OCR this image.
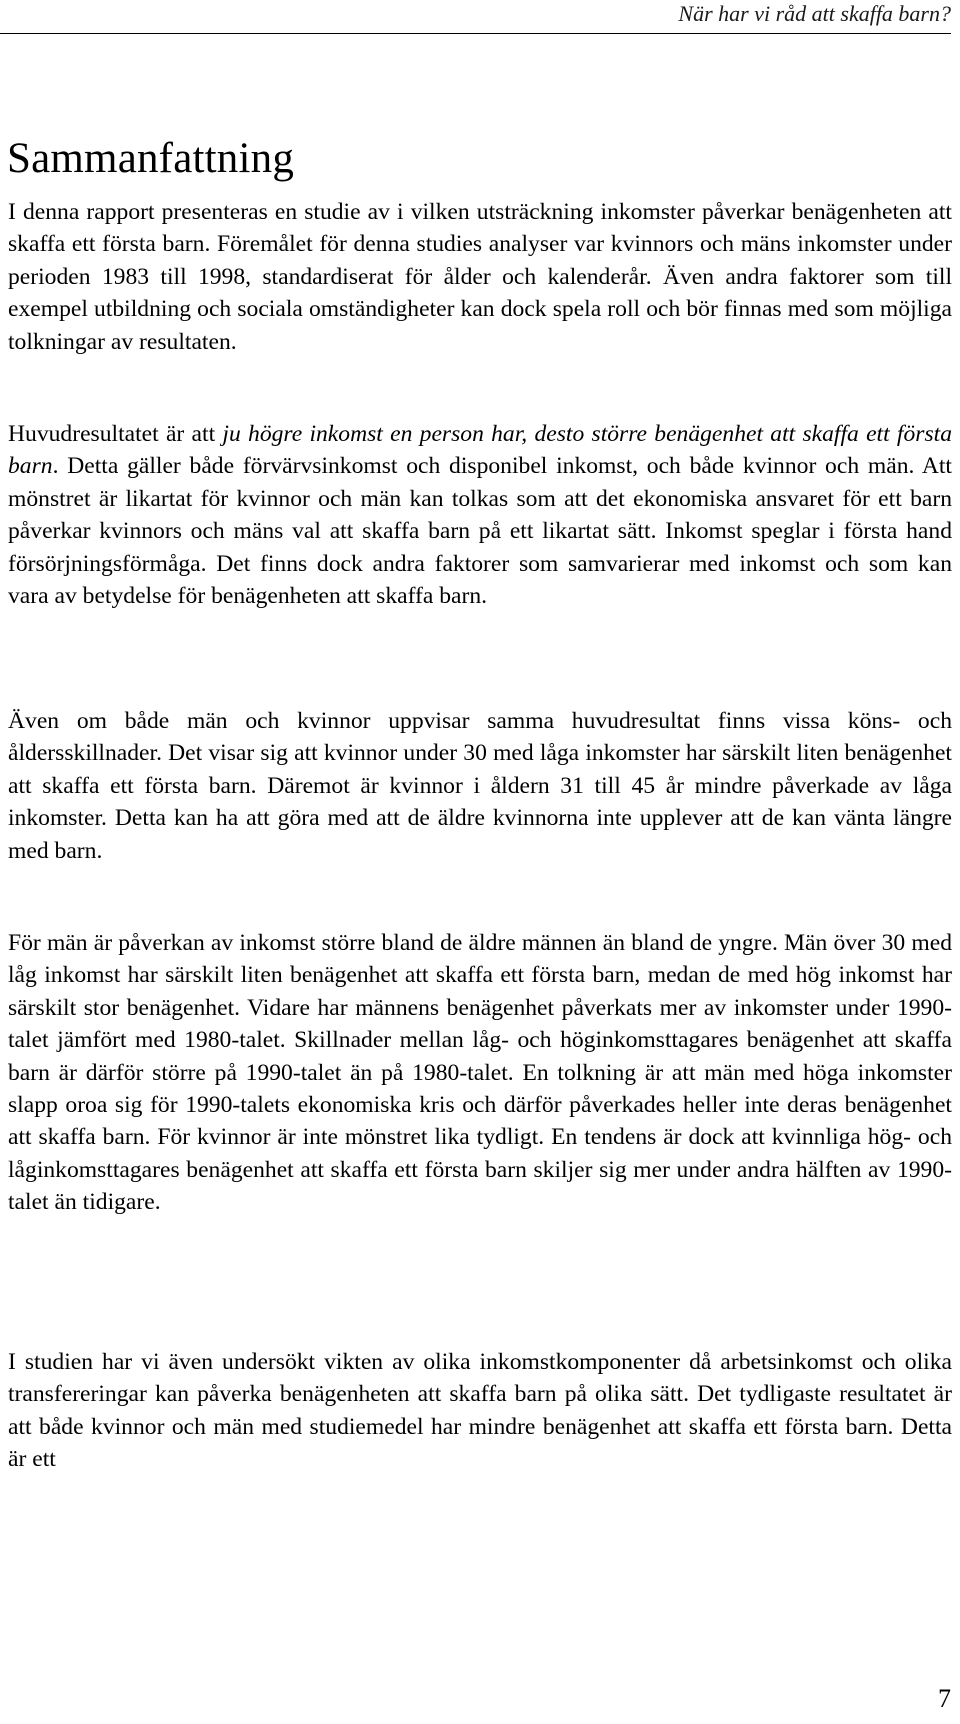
När har vi råd att skaffa barn?
Sammanfattning

I denna rapport presenteras en studie av i vilken utsträckning inkomster påverkar benägenheten att skaffa ett första barn. Föremålet för denna studies analyser var kvinnors och mäns inkomster under perioden 1983 till 1998, standardiserat för ålder och kalenderår. Även andra faktorer som till exempel utbildning och sociala omständigheter kan dock spela roll och bör finnas med som möjliga tolkningar av resultaten.

Huvudresultatet är att ju högre inkomst en person har, desto större benägenhet att skaffa ett första barn. Detta gäller både förvärvsinkomst och disponibel inkomst, och både kvinnor och män. Att mönstret är likartat för kvinnor och män kan tolkas som att det ekonomiska ansvaret för ett barn påverkar kvinnors och mäns val att skaffa barn på ett likartat sätt. Inkomst speglar i första hand försörjningsförmåga. Det finns dock andra faktorer som samvarierar med inkomst och som kan vara av betydelse för benägenheten att skaffa barn.

Även om både män och kvinnor uppvisar samma huvudresultat finns vissa köns- och åldersskillnader. Det visar sig att kvinnor under 30 med låga inkomster har särskilt liten benägenhet att skaffa ett första barn. Däremot är kvinnor i åldern 31 till 45 år mindre påverkade av låga inkomster. Detta kan ha att göra med att de äldre kvinnorna inte upplever att de kan vänta längre med barn.

För män är påverkan av inkomst större bland de äldre männen än bland de yngre. Män över 30 med låg inkomst har särskilt liten benägenhet att skaffa ett första barn, medan de med hög inkomst har särskilt stor benägenhet. Vidare har männens benägenhet påverkats mer av inkomster under 1990-talet jämfört med 1980-talet. Skillnader mellan låg- och höginkomsttagares benägenhet att skaffa barn är därför större på 1990-talet än på 1980-talet. En tolkning är att män med höga inkomster slapp oroa sig för 1990-talets ekonomiska kris och därför påverkades heller inte deras benägenhet att skaffa barn. För kvinnor är inte mönstret lika tydligt. En tendens är dock att kvinnliga hög- och låginkomsttagares benägenhet att skaffa ett första barn skiljer sig mer under andra hälften av 1990-talet än tidigare.

I studien har vi även undersökt vikten av olika inkomstkomponenter då arbetsinkomst och olika transfereringar kan påverka benägenheten att skaffa barn på olika sätt. Det tydligaste resultatet är att både kvinnor och män med studiemedel har mindre benägenhet att skaffa ett första barn. Detta är ett

7
